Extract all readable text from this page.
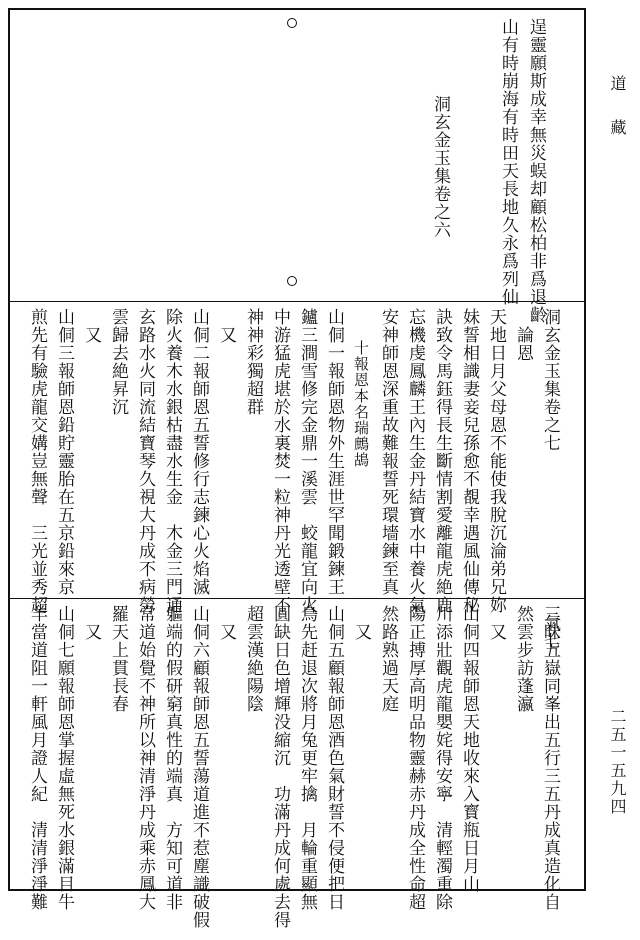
逞靈願斯成幸無災蜈却顧松柏非爲退齡
山有時崩海有時田天長地久永爲列仙
洞玄金玉集卷之六
洞玄金玉集卷之七　　　　　　　　　氣七
　論恩
天地日月父母恩不能使我脫沉淪弟兄妳
妹誓相識妻妾兒孫愈不覩幸遇風仙傳秘
訣致令馬鈺得長生斷情割愛離龍虎絶鹿
忘機虔鳳麟王內生金丹結寶水中養火氣
安神師恩深重故難報誓死環墻鍊至真
　　十報恩本名瑞鷓鴣
山侗一報師恩物外生涯世罕聞鍛鍊王
鑪三澗雪修完金鼎一溪雲　蛟龍宜向火
中游猛虎堪於水裏焚一粒神丹光透壁不
神神彩獨超群
　又
山侗二報師恩五誓修行志鍊心火焰滅
除火養木水銀枯盡水生金　木金三門通
玄路水火同流結寶琴久視大丹成不病勞
雲歸去絶昇沉
　又
山侗三報師恩鉛貯靈胎在五京鉛來京
煎先有驗虎龍交媾豈無聲　三光並秀超
三昧五嶽同峯出五行三五丹成真造化自
然雲步訪蓬瀛
　又
山侗四報師恩天地收來入寳瓶日月山
川添壯觀虎龍嬰姹得安寧　清輕濁重除
陽正搏厚高明品物靈赫赤丹成全性命超
然路熟過天庭
　又
山侗五顧報師恩酒色氣財誓不侵便把日
鳥先赶退次將月兔更牢擒　月輪重顯無
圓缺日色增輝没縮沉　功滿丹成何處去得
超雲漢絶陽陰
　又
山侗六顧報師恩五誓蕩道進不惹塵識破假
軀端的假研窮真性的端真　方知可道非
常道始覺不神所以神清淨丹成乘赤鳳大
羅天上貫長春
　又
山侗七願報師恩掌握虛無死水銀滿目牛
羊當道阻一軒風月證人紀　清清淨淨難
道　藏
二五一五九四
